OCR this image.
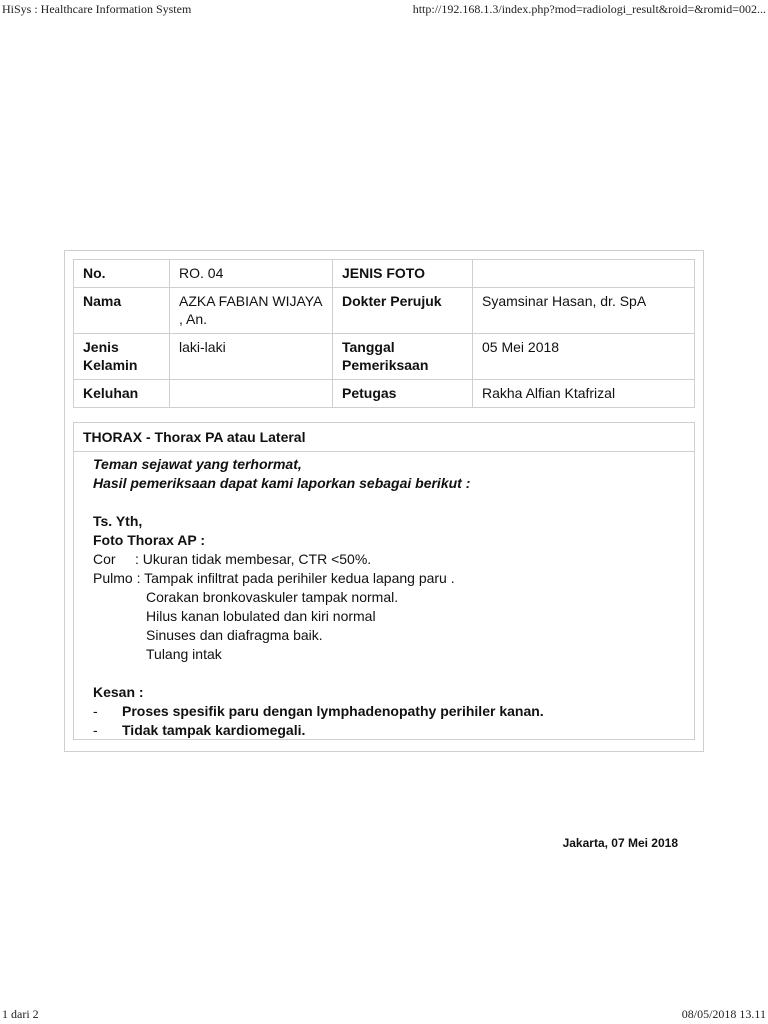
HiSys : Healthcare Information System	http://192.168.1.3/index.php?mod=radiologi_result&roid=&romid=002...
No.	RO. 04	JENIS FOTO	
Nama	AZKA FABIAN WIJAYA , An.	Dokter Perujuk	Syamsinar Hasan, dr. SpA
Jenis Kelamin	laki-laki	Tanggal Pemeriksaan	05 Mei 2018
Keluhan		Petugas	Rakha Alfian Ktafrizal
THORAX - Thorax PA atau Lateral
Teman sejawat yang terhormat,
Hasil pemeriksaan dapat kami laporkan sebagai berikut :
Ts. Yth,
Foto Thorax AP :
Cor     : Ukuran tidak membesar, CTR <50%.
Pulmo : Tampak infiltrat pada perihiler kedua lapang paru .
Corakan bronkovaskuler tampak normal.
Hilus kanan lobulated dan kiri normal
Sinuses dan diafragma baik.
Tulang intak
Kesan :
-	Proses spesifik paru dengan lymphadenopathy perihiler kanan.
-	Tidak tampak kardiomegali.
Jakarta, 07 Mei 2018
1 dari 2	08/05/2018 13.11
